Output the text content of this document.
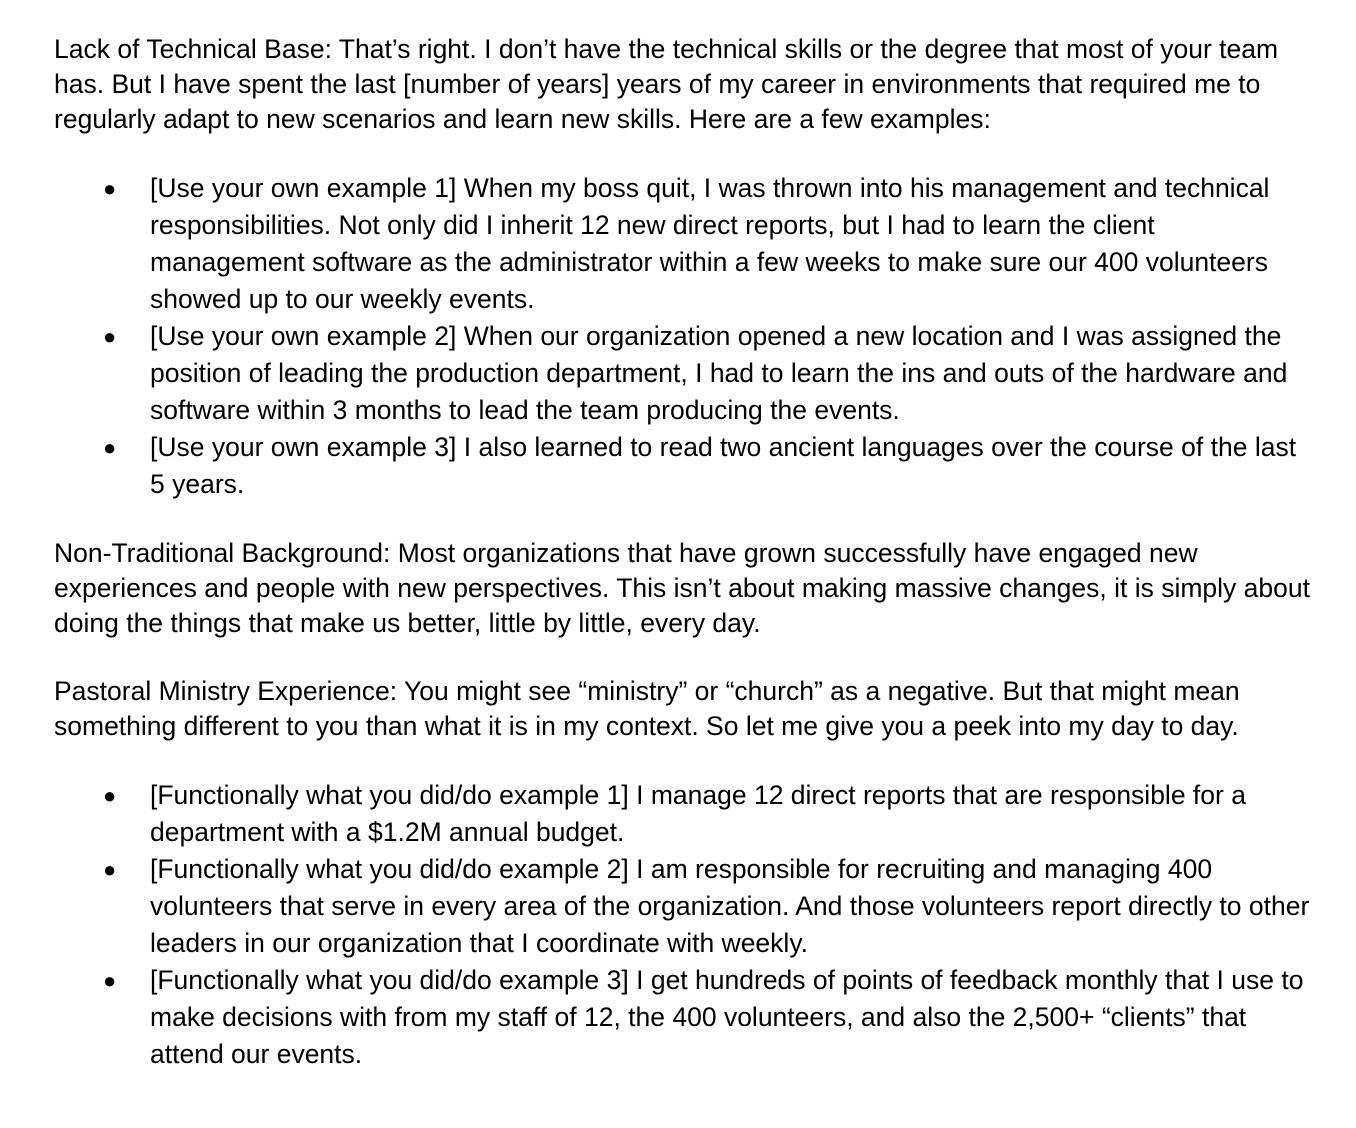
Lack of Technical Base: That’s right. I don’t have the technical skills or the degree that most of your team has. But I have spent the last [number of years] years of my career in environments that required me to regularly adapt to new scenarios and learn new skills. Here are a few examples:

● [Use your own example 1] When my boss quit, I was thrown into his management and technical responsibilities. Not only did I inherit 12 new direct reports, but I had to learn the client management software as the administrator within a few weeks to make sure our 400 volunteers showed up to our weekly events.
● [Use your own example 2] When our organization opened a new location and I was assigned the position of leading the production department, I had to learn the ins and outs of the hardware and software within 3 months to lead the team producing the events.
● [Use your own example 3] I also learned to read two ancient languages over the course of the last 5 years.

Non-Traditional Background: Most organizations that have grown successfully have engaged new experiences and people with new perspectives. This isn’t about making massive changes, it is simply about doing the things that make us better, little by little, every day.

Pastoral Ministry Experience: You might see “ministry” or “church” as a negative. But that might mean something different to you than what it is in my context. So let me give you a peek into my day to day.

● [Functionally what you did/do example 1] I manage 12 direct reports that are responsible for a department with a $1.2M annual budget.
● [Functionally what you did/do example 2] I am responsible for recruiting and managing 400 volunteers that serve in every area of the organization. And those volunteers report directly to other leaders in our organization that I coordinate with weekly.
● [Functionally what you did/do example 3] I get hundreds of points of feedback monthly that I use to make decisions with from my staff of 12, the 400 volunteers, and also the 2,500+ “clients” that attend our events.
